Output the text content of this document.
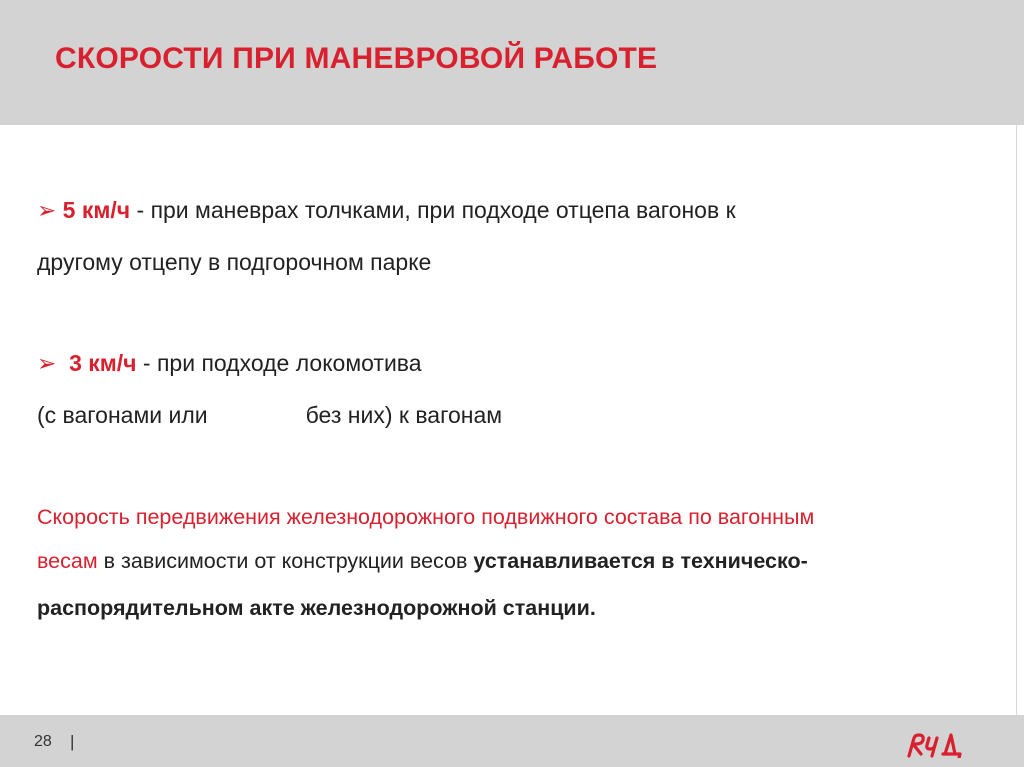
СКОРОСТИ ПРИ МАНЕВРОВОЙ РАБОТЕ

➢ 5 км/ч - при маневрах толчками, при подходе отцепа вагонов к

другому отцепу в подгорочном парке

➢ 3 км/ч - при подходе локомотива

(с вагонами или	без них) к вагонам

Скорость передвижения железнодорожного подвижного состава по вагонным

весам в зависимости от конструкции весов устанавливается в техническо-

распорядительном акте железнодорожной станции.

28 |
